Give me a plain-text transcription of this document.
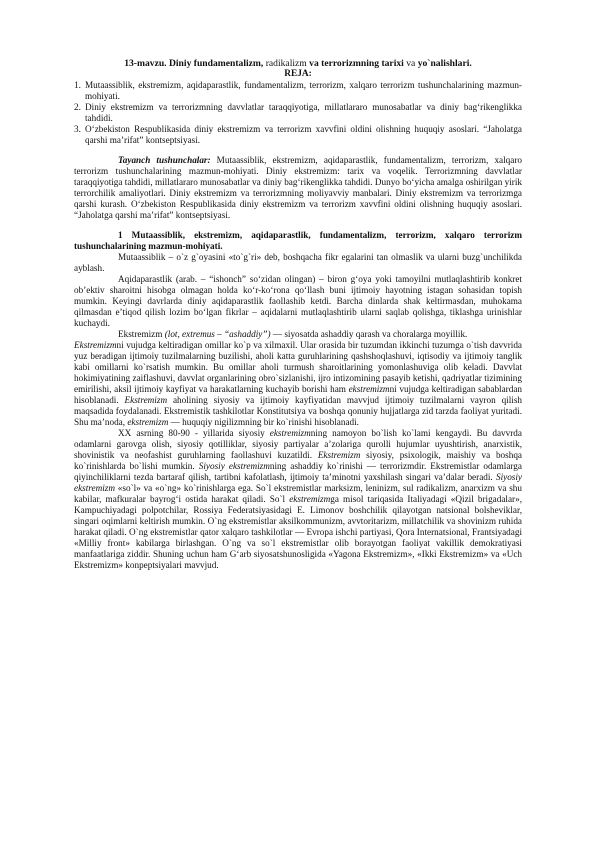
13-mavzu. Diniy fundamentalizm, radikalizm va terrorizmning tarixi va yo`nalishlari.

REJA:

1. Mutaassiblik, ekstremizm, aqidaparastlik, fundamentalizm, terrorizm, xalqaro terrorizm tushunchalarining mazmun-mohiyati.
2. Diniy ekstremizm va terrorizmning davvlatlar taraqqiyotiga, millatlararo munosabatlar va diniy bag‘rikenglikka tahdidi.
3. O‘zbekiston Respublikasida diniy ekstremizm va terrorizm xavvfini oldini olishning huquqiy asoslari. “Jaholatga qarshi ma’rifat” kontseptsiyasi.

Tayanch tushunchalar: Mutaassiblik, ekstremizm, aqidaparastlik, fundamentalizm, terrorizm, xalqaro terrorizm tushunchalarining mazmun-mohiyati. Diniy ekstremizm: tarix va voqelik. Terrorizmning davvlatlar taraqqiyotiga tahdidi, millatlararo munosabatlar va diniy bag‘rikenglikka tahdidi. Dunyo bo‘yicha amalga oshirilgan yirik terrorchilik amaliyotlari. Diniy ekstremizm va terrorizmning moliyavviy manbalari. Diniy ekstremizm va terrorizmga qarshi kurash. O‘zbekiston Respublikasida diniy ekstremizm va terrorizm xavvfini oldini olishning huquqiy asoslari. “Jaholatga qarshi ma’rifat” kontseptsiyasi.

1 Mutaassiblik, ekstremizm, aqidaparastlik, fundamentalizm, terrorizm, xalqaro terrorizm tushunchalarining mazmun-mohiyati.

Mutaassiblik – o`z g`oyasini «to`g`ri» deb, boshqacha fikr egalarini tan olmaslik va ularni buzg`unchilikda ayblash.

Aqidaparastlik (arab. – “ishonch” so‘zidan olingan) – biron g‘oya yoki tamoyilni mutlaqlashtirib konkret ob’ektiv sharoitni hisobga olmagan holda ko‘r-ko‘rona qo‘llash buni ijtimoiy hayotning istagan sohasidan topish mumkin. Keyingi davrlarda diniy aqidaparastlik faollashib ketdi. Barcha dinlarda shak keltirmasdan, muhokama qilmasdan e’tiqod qilish lozim bo‘lgan fikrlar – aqidalarni mutlaqlashtirib ularni saqlab qolishga, tiklashga urinishlar kuchaydi.

Ekstremizm (lot, extremus – “ashaddiy”) — siyosatda ashaddiy qarash va choralarga moyillik.

Ekstremizmni vujudga keltiradigan omillar ko`p va xilmaxil. Ular orasida bir tuzumdan ikkinchi tuzumga o`tish davvrida yuz beradigan ijtimoiy tuzilmalarning buzilishi, aholi katta guruhlarining qashshoqlashuvi, iqtisodiy va ijtimoiy tanglik kabi omillarni ko`rsatish mumkin. Bu omillar aholi turmush sharoitlarining yomonlashuviga olib keladi. Davvlat hokimiyatining zaiflashuvi, davvlat organlarining obro`sizlanishi, ijro intizomining pasayib ketishi, qadriyatlar tizimining emirilishi, aksil ijtimoiy kayfiyat va harakatlarning kuchayib borishi ham ekstremizmni vujudga keltiradigan sabablardan hisoblanadi. Ekstremizm aholining siyosiy va ijtimoiy kayfiyatidan mavvjud ijtimoiy tuzilmalarni vayron qilish maqsadida foydalanadi. Ekstremistik tashkilotlar Konstitutsiya va boshqa qonuniy hujjatlarga zid tarzda faoliyat yuritadi. Shu ma’noda, ekstremizm — huquqiy nigilizmning bir ko`rinishi hisoblanadi.

XX asrning 80-90 - yillarida siyosiy ekstremizmning namoyon bo`lish ko`lami kengaydi. Bu davvrda odamlarni garovga olish, siyosiy qotilliklar, siyosiy partiyalar a’zolariga qurolli hujumlar uyushtirish, anarxistik, shovinistik va neofashist guruhlarning faollashuvi kuzatildi. Ekstremizm siyosiy, psixologik, maishiy va boshqa ko`rinishlarda bo`lishi mumkin. Siyosiy ekstremizmning ashaddiy ko`rinishi — terrorizmdir. Ekstremistlar odamlarga qiyinchiliklarni tezda bartaraf qilish, tartibni kafolatlash, ijtimoiy ta’minotni yaxshilash singari va’dalar beradi. Siyosiy ekstremizm «so`l» va «o`ng» ko`rinishlarga ega. So`l ekstremistlar marksizm, leninizm, sul radikalizm, anarxizm va shu kabilar, mafkuralar bayrog‘i ostida harakat qiladi. So`l ekstremizmga misol tariqasida Italiyadagi «Qizil brigadalar», Kampuchiyadagi polpotchilar, Rossiya Federatsiyasidagi E. Limonov boshchilik qilayotgan natsional bolsheviklar, singari oqimlarni keltirish mumkin. O`ng ekstremistlar aksilkommunizm, avvtoritarizm, millatchilik va shovinizm ruhida harakat qiladi. O`ng ekstremistlar qator xalqaro tashkilotlar — Evropa ishchi partiyasi, Qora Internatsional, Frantsiyadagi «Milliy front» kabilarga birlashgan. O`ng va so`l ekstremistlar olib borayotgan faoliyat vakillik demokratiyasi manfaatlariga ziddir. Shuning uchun ham G‘arb siyosatshunosligida «Yagona Ekstremizm», «Ikki Ekstremizm» va «Uch Ekstremizm» konpeptsiyalari mavvjud.
